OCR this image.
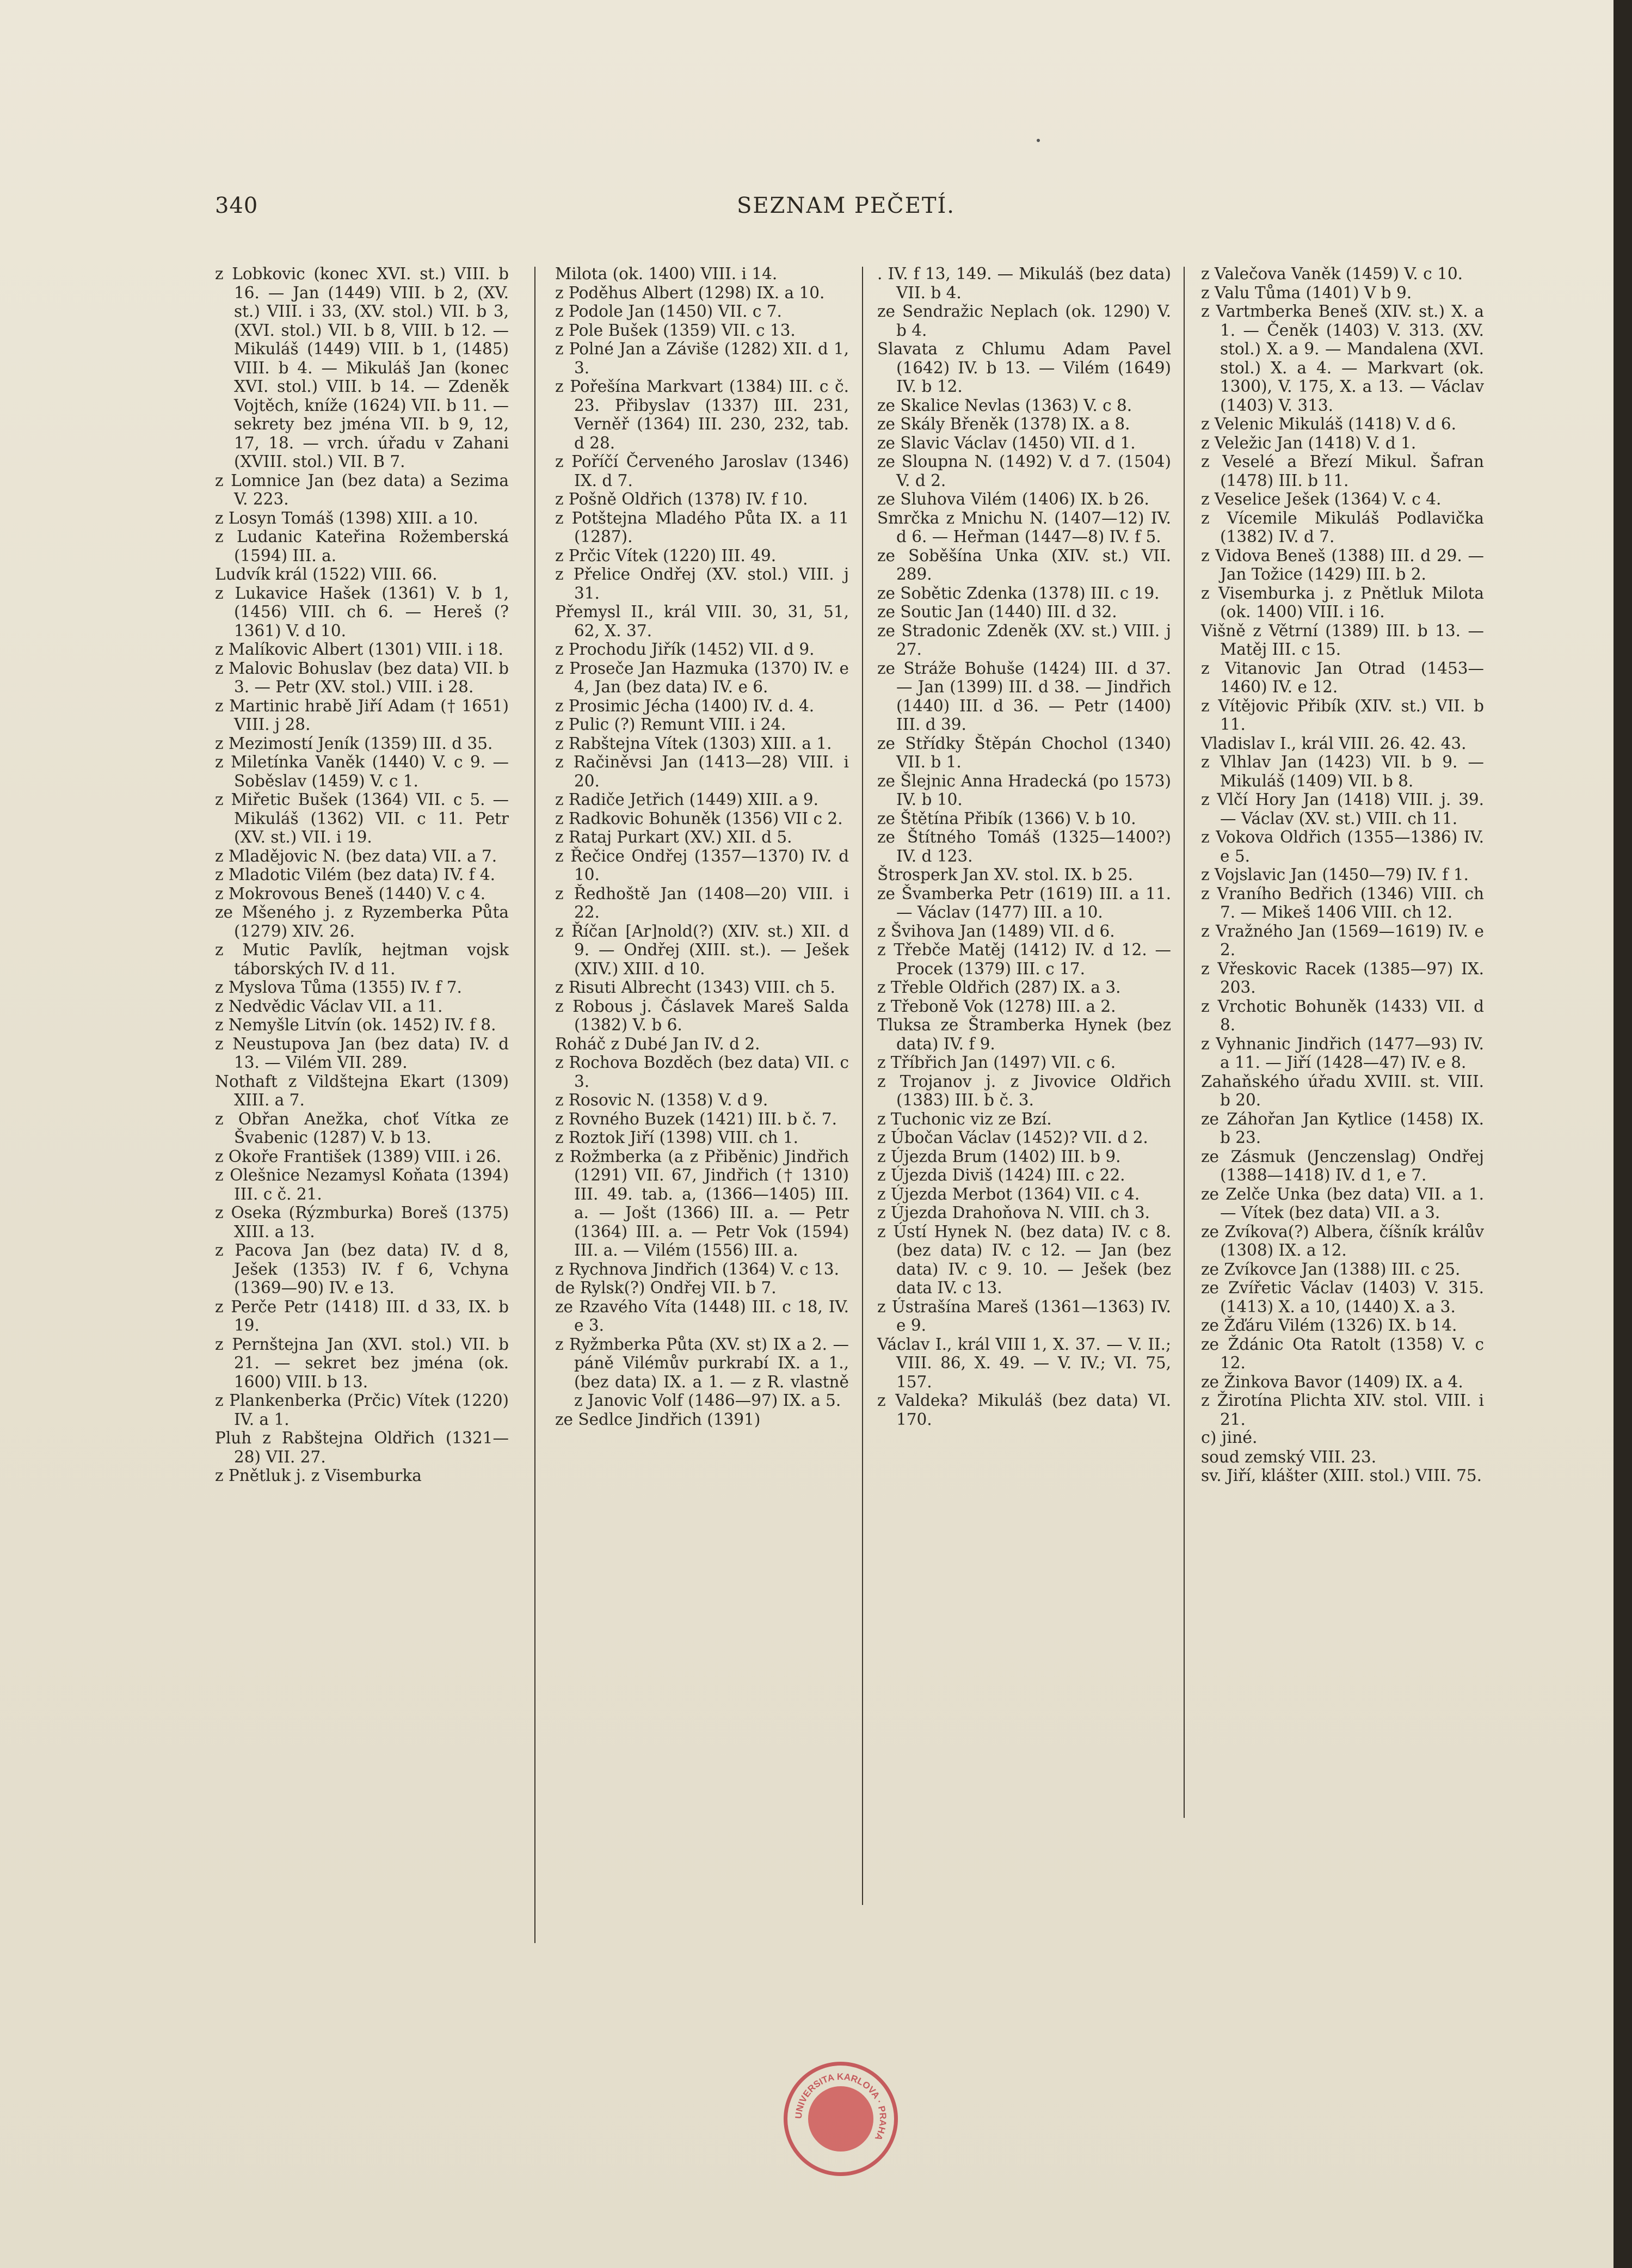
340	SEZNAM PEČETÍ.

z Lobkovic (konec XVI. st.) VIII. b 16. — Jan (1449) VIII. b 2, (XV. st.) VIII. i 33, (XV. stol.) VII. b 3, (XVI. stol.) VII. b 8, VIII. b 12. — Mikuláš (1449) VIII. b 1, (1485) VIII. b 4. — Mikuláš Jan (konec XVI. stol.) VIII. b 14. — Zdeněk Vojtěch, kníže (1624) VII. b 11. — sekrety bez jména VII. b 9, 12, 17, 18. — vrch. úřadu v Zahani (XVIII. stol.) VII. B 7.

z Lomnice Jan (bez data) a Sezima V. 223.

z Losyn Tomáš (1398) XIII. a 10.

z Ludanic Kateřina Rožemberská (1594) III. a.

Ludvík král (1522) VIII. 66.

z Lukavice Hašek (1361) V. b 1, (1456) VIII. ch 6. — Hereš (? 1361) V. d 10.

z Malíkovic Albert (1301) VIII. i 18.

z Malovic Bohuslav (bez data) VII. b 3. — Petr (XV. stol.) VIII. i 28.

z Martinic hrabě Jiří Adam († 1651) VIII. j 28.

z Mezimostí Jeník (1359) III. d 35.

z Miletínka Vaněk (1440) V. c 9. — Soběslav (1459) V. c 1.

z Miřetic Bušek (1364) VII. c 5. — Mikuláš (1362) VII. c 11. Petr (XV. st.) VII. i 19.

z Mladějovic N. (bez data) VII. a 7.

z Mladotic Vilém (bez data) IV. f 4.

z Mokrovous Beneš (1440) V. c 4.

ze Mšeného j. z Ryzemberka Půta (1279) XIV. 26.

z Mutic Pavlík, hejtman vojsk táborských IV. d 11.

z Myslova Tůma (1355) IV. f 7.

z Nedvědic Václav VII. a 11.

z Nemyšle Litvín (ok. 1452) IV. f 8.

z Neustupova Jan (bez data) IV. d 13. — Vilém VII. 289.

Nothaft z Vildštejna Ekart (1309) XIII. a 7.

z Obřan Anežka, choť Vítka ze Švabenic (1287) V. b 13.

z Okoře František (1389) VIII. i 26.

z Olešnice Nezamysl Koňata (1394) III. c č. 21.

z Oseka (Rýzmburka) Boreš (1375) XIII. a 13.

z Pacova Jan (bez data) IV. d 8, Ješek (1353) IV. f 6, Vchyna (1369—90) IV. e 13.

z Perče Petr (1418) III. d 33, IX. b 19.

z Pernštejna Jan (XVI. stol.) VII. b 21. — sekret bez jména (ok. 1600) VIII. b 13.

z Plankenberka (Prčic) Vítek (1220) IV. a 1.

Pluh z Rabštejna Oldřich (1321—28) VII. 27.

z Pnětluk j. z Visemburka

Milota (ok. 1400) VIII. i 14.

z Poděhus Albert (1298) IX. a 10.

z Podole Jan (1450) VII. c 7.

z Pole Bušek (1359) VII. c 13.

z Polné Jan a Záviše (1282) XII. d 1, 3.

z Pořešína Markvart (1384) III. c č. 23. Přibyslav (1337) III. 231, Verněř (1364) III. 230, 232, tab. d 28.

z Poříčí Červeného Jaroslav (1346) IX. d 7.

z Pošně Oldřich (1378) IV. f 10.

z Potštejna Mladého Půta IX. a 11 (1287).

z Prčic Vítek (1220) III. 49.

z Přelice Ondřej (XV. stol.) VIII. j 31.

Přemysl II., král VIII. 30, 31, 51, 62, X. 37.

z Prochodu Jiřík (1452) VII. d 9.

z Proseče Jan Hazmuka (1370) IV. e 4, Jan (bez data) IV. e 6.

z Prosimic Jécha (1400) IV. d. 4.

z Pulic (?) Remunt VIII. i 24.

z Rabštejna Vítek (1303) XIII. a 1.

z Račiněvsi Jan (1413—28) VIII. i 20.

z Radiče Jetřich (1449) XIII. a 9.

z Radkovic Bohuněk (1356) VII c 2.

z Rataj Purkart (XV.) XII. d 5.

z Řečice Ondřej (1357—1370) IV. d 10.

z Ředhoště Jan (1408—20) VIII. i 22.

z Říčan [Ar]nold(?) (XIV. st.) XII. d 9. — Ondřej (XIII. st.). — Ješek (XIV.) XIII. d 10.

z Risuti Albrecht (1343) VIII. ch 5.

z Robous j. Čáslavek Mareš Salda (1382) V. b 6.

Roháč z Dubé Jan IV. d 2.

z Rochova Bozděch (bez data) VII. c 3.

z Rosovic N. (1358) V. d 9.

z Rovného Buzek (1421) III. b č. 7.

z Roztok Jiří (1398) VIII. ch 1.

z Rožmberka (a z Přiběnic) Jindřich (1291) VII. 67, Jindřich († 1310) III. 49. tab. a, (1366—1405) III. a. — Jošt (1366) III. a. — Petr (1364) III. a. — Petr Vok (1594) III. a. — Vilém (1556) III. a.

z Rychnova Jindřich (1364) V. c 13.

de Rylsk(?) Ondřej VII. b 7.

ze Rzavého Víta (1448) III. c 18, IV. e 3.

z Ryžmberka Půta (XV. st) IX a 2. — páně Vilémův purkrabí IX. a 1., (bez data) IX. a 1. — z R. vlastně z Janovic Volf (1486—97) IX. a 5.

ze Sedlce Jindřich (1391)

. IV. f 13, 149. — Mikuláš (bez data) VII. b 4.

ze Sendražic Neplach (ok. 1290) V. b 4.

Slavata z Chlumu Adam Pavel (1642) IV. b 13. — Vilém (1649) IV. b 12.

ze Skalice Nevlas (1363) V. c 8.

ze Skály Břeněk (1378) IX. a 8.

ze Slavic Václav (1450) VII. d 1.

ze Sloupna N. (1492) V. d 7. (1504) V. d 2.

ze Sluhova Vilém (1406) IX. b 26.

Smrčka z Mnichu N. (1407—12) IV. d 6. — Heřman (1447—8) IV. f 5.

ze Soběšína Unka (XIV. st.) VII. 289.

ze Sobětic Zdenka (1378) III. c 19.

ze Soutic Jan (1440) III. d 32.

ze Stradonic Zdeněk (XV. st.) VIII. j 27.

ze Stráže Bohuše (1424) III. d 37. — Jan (1399) III. d 38. — Jindřich (1440) III. d 36. — Petr (1400) III. d 39.

ze Střídky Štěpán Chochol (1340) VII. b 1.

ze Šlejnic Anna Hradecká (po 1573) IV. b 10.

ze Štětína Přibík (1366) V. b 10.

ze Štítného Tomáš (1325—1400?) IV. d 123.

Štrosperk Jan XV. stol. IX. b 25.

ze Švamberka Petr (1619) III. a 11. — Václav (1477) III. a 10.

z Švihova Jan (1489) VII. d 6.

z Třebče Matěj (1412) IV. d 12. — Procek (1379) III. c 17.

z Třeble Oldřich (287) IX. a 3.

z Třeboně Vok (1278) III. a 2.

Tluksa ze Štramberka Hynek (bez data) IV. f 9.

z Tříbřich Jan (1497) VII. c 6.

z Trojanov j. z Jivovice Oldřich (1383) III. b č. 3.

z Tuchonic viz ze Bzí.

z Úbočan Václav (1452)? VII. d 2.

z Újezda Brum (1402) III. b 9.

z Újezda Diviš (1424) III. c 22.

z Újezda Merbot (1364) VII. c 4.

z Újezda Drahoňova N. VIII. ch 3.

z Ústí Hynek N. (bez data) IV. c 8. (bez data) IV. c 12. — Jan (bez data) IV. c 9. 10. — Ješek (bez data IV. c 13.

z Ústrašína Mareš (1361—1363) IV. e 9.

Václav I., král VIII 1, X. 37. — V. II.; VIII. 86, X. 49. — V. IV.; VI. 75, 157.

z Valdeka? Mikuláš (bez data) VI. 170.

z Valečova Vaněk (1459) V. c 10.

z Valu Tůma (1401) V b 9.

z Vartmberka Beneš (XIV. st.) X. a 1. — Čeněk (1403) V. 313. (XV. stol.) X. a 9. — Mandalena (XVI. stol.) X. a 4. — Markvart (ok. 1300), V. 175, X. a 13. — Václav (1403) V. 313.

z Velenic Mikuláš (1418) V. d 6.

z Veležic Jan (1418) V. d 1.

z Veselé a Březí Mikul. Šafran (1478) III. b 11.

z Veselice Ješek (1364) V. c 4.

z Vícemile Mikuláš Podlavička (1382) IV. d 7.

z Vidova Beneš (1388) III. d 29. — Jan Tožice (1429) III. b 2.

z Visemburka j. z Pnětluk Milota (ok. 1400) VIII. i 16.

Višně z Větrní (1389) III. b 13. — Matěj III. c 15.

z Vitanovic Jan Otrad (1453—1460) IV. e 12.

z Vítějovic Přibík (XIV. st.) VII. b 11.

Vladislav I., král VIII. 26. 42. 43.

z Vlhlav Jan (1423) VII. b 9. — Mikuláš (1409) VII. b 8.

z Vlčí Hory Jan (1418) VIII. j. 39. — Václav (XV. st.) VIII. ch 11.

z Vokova Oldřich (1355—1386) IV. e 5.

z Vojslavic Jan (1450—79) IV. f 1.

z Vraního Bedřich (1346) VIII. ch 7. — Mikeš 1406 VIII. ch 12.

z Vražného Jan (1569—1619) IV. e 2.

z Vřeskovic Racek (1385—97) IX. 203.

z Vrchotic Bohuněk (1433) VII. d 8.

z Vyhnanic Jindřich (1477—93) IV. a 11. — Jiří (1428—47) IV. e 8.

Zahaňského úřadu XVIII. st. VIII. b 20.

ze Záhořan Jan Kytlice (1458) IX. b 23.

ze Zásmuk (Jenczenslag) Ondřej (1388—1418) IV. d 1, e 7.

ze Zelče Unka (bez data) VII. a 1. — Vítek (bez data) VII. a 3.

ze Zvíkova(?) Albera, číšník králův (1308) IX. a 12.

ze Zvíkovce Jan (1388) III. c 25.

ze Zvířetic Václav (1403) V. 315. (1413) X. a 10, (1440) X. a 3.

ze Žďáru Vilém (1326) IX. b 14.

ze Ždánic Ota Ratolt (1358) V. c 12.

ze Žinkova Bavor (1409) IX. a 4.

z Žirotína Plichta XIV. stol. VIII. i 21.

c) jiné.

soud zemský VIII. 23.

sv. Jiří, klášter (XIII. stol.) VIII. 75.

UNIVERSITA KARLOVA · PRAHA
